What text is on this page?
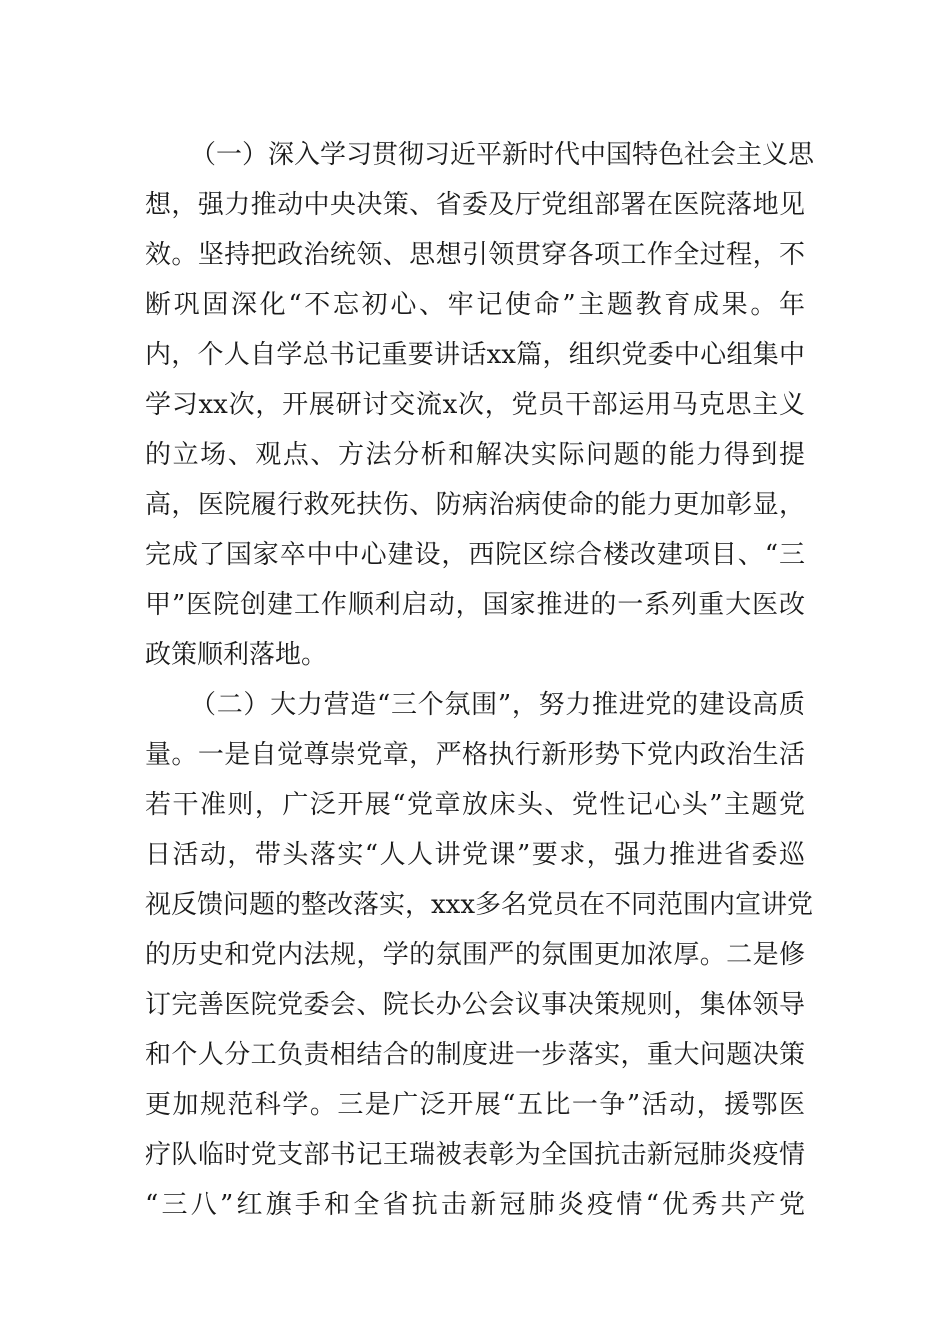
（一）深入学习贯彻习近平新时代中国特色社会主义思
想，强力推动中央决策、省委及厅党组部署在医院落地见
效。坚持把政治统领、思想引领贯穿各项工作全过程，不
断巩固深化“不忘初心、牢记使命”主题教育成果。年
内，个人自学总书记重要讲话xx篇，组织党委中心组集中
学习xx次，开展研讨交流x次，党员干部运用马克思主义
的立场、观点、方法分析和解决实际问题的能力得到提
高，医院履行救死扶伤、防病治病使命的能力更加彰显，
完成了国家卒中中心建设，西院区综合楼改建项目、“三
甲”医院创建工作顺利启动，国家推进的一系列重大医改
政策顺利落地。
（二）大力营造“三个氛围”，努力推进党的建设高质
量。一是自觉尊崇党章，严格执行新形势下党内政治生活
若干准则，广泛开展“党章放床头、党性记心头”主题党
日活动，带头落实“人人讲党课”要求，强力推进省委巡
视反馈问题的整改落实，xxx多名党员在不同范围内宣讲党
的历史和党内法规，学的氛围严的氛围更加浓厚。二是修
订完善医院党委会、院长办公会议事决策规则，集体领导
和个人分工负责相结合的制度进一步落实，重大问题决策
更加规范科学。三是广泛开展“五比一争”活动，援鄂医
疗队临时党支部书记王瑞被表彰为全国抗击新冠肺炎疫情
“三八”红旗手和全省抗击新冠肺炎疫情“优秀共产党
